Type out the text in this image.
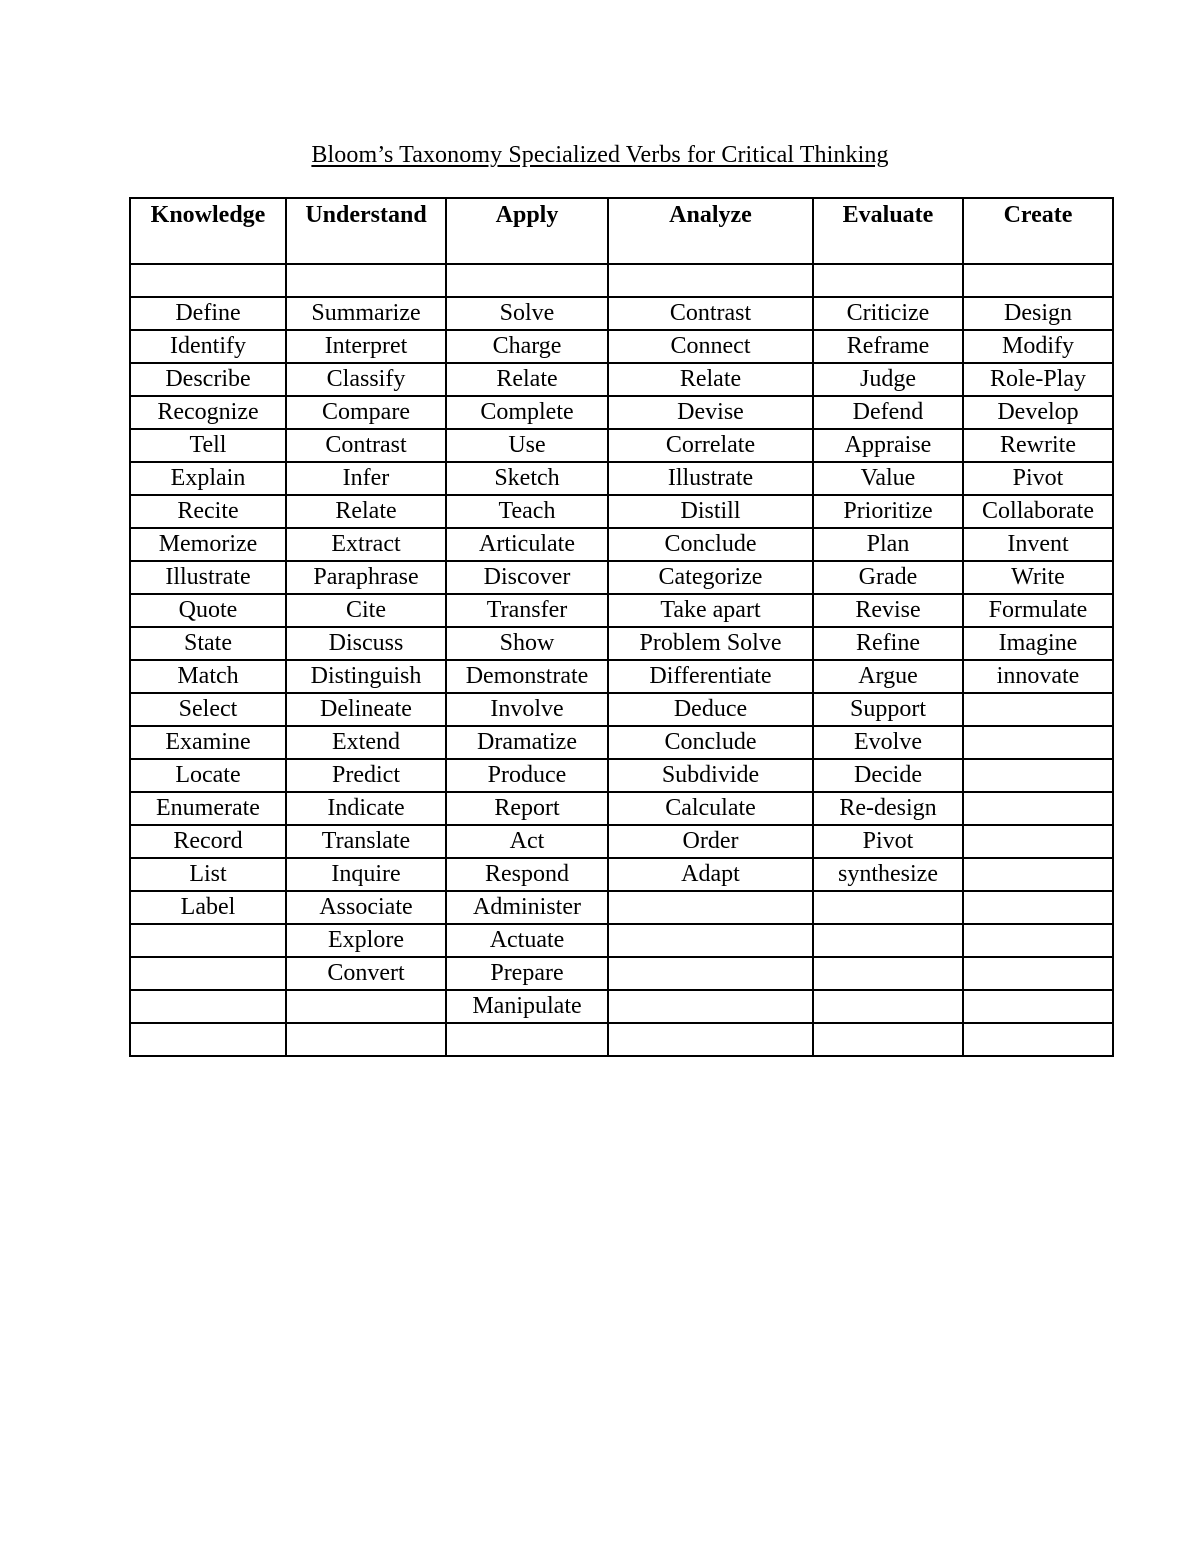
Bloom’s Taxonomy Specialized Verbs for Critical Thinking
Knowledge	Understand	Apply	Analyze	Evaluate	Create

Define	Summarize	Solve	Contrast	Criticize	Design
Identify	Interpret	Charge	Connect	Reframe	Modify
Describe	Classify	Relate	Relate	Judge	Role-Play
Recognize	Compare	Complete	Devise	Defend	Develop
Tell	Contrast	Use	Correlate	Appraise	Rewrite
Explain	Infer	Sketch	Illustrate	Value	Pivot
Recite	Relate	Teach	Distill	Prioritize	Collaborate
Memorize	Extract	Articulate	Conclude	Plan	Invent
Illustrate	Paraphrase	Discover	Categorize	Grade	Write
Quote	Cite	Transfer	Take apart	Revise	Formulate
State	Discuss	Show	Problem Solve	Refine	Imagine
Match	Distinguish	Demonstrate	Differentiate	Argue	innovate
Select	Delineate	Involve	Deduce	Support	
Examine	Extend	Dramatize	Conclude	Evolve	
Locate	Predict	Produce	Subdivide	Decide	
Enumerate	Indicate	Report	Calculate	Re-design	
Record	Translate	Act	Order	Pivot	
List	Inquire	Respond	Adapt	synthesize	
Label	Associate	Administer			
	Explore	Actuate			
	Convert	Prepare			
		Manipulate			
